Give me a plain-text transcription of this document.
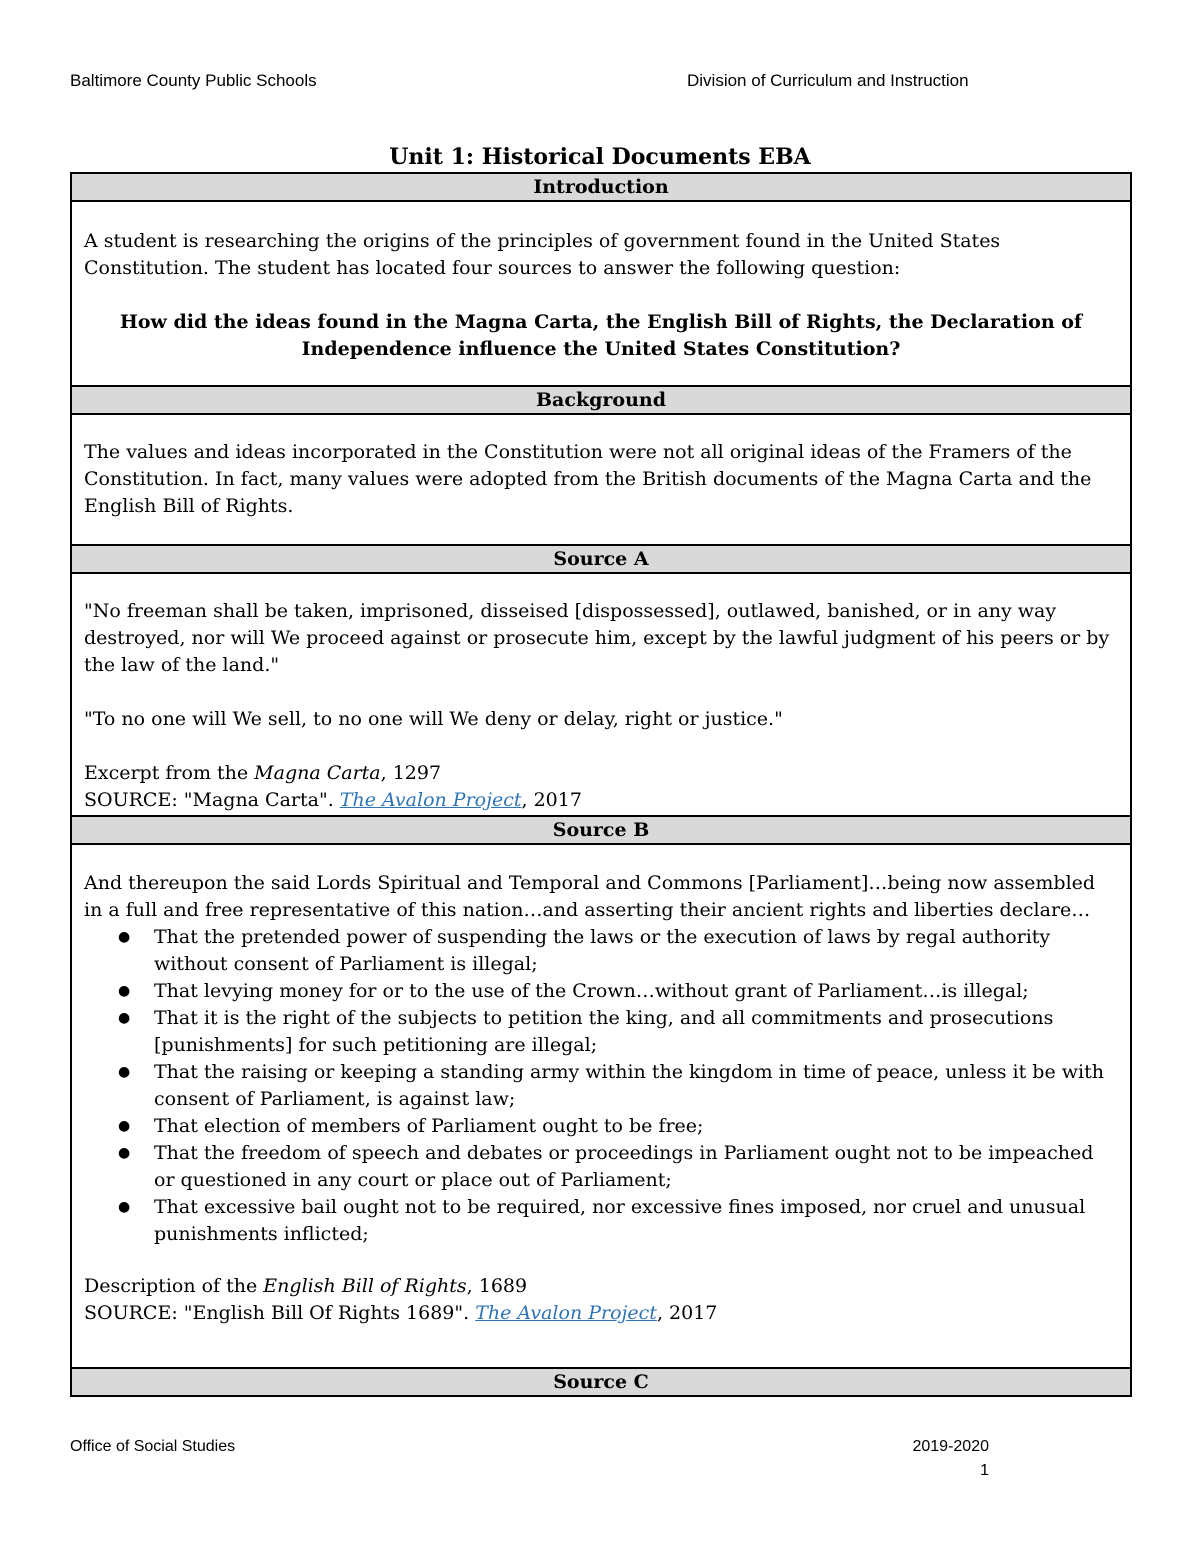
Baltimore County Public Schools	Division of Curriculum and Instruction
Unit 1: Historical Documents EBA
Introduction

A student is researching the origins of the principles of government found in the United States Constitution. The student has located four sources to answer the following question:

How did the ideas found in the Magna Carta, the English Bill of Rights, the Declaration of Independence influence the United States Constitution?

Background

The values and ideas incorporated in the Constitution were not all original ideas of the Framers of the Constitution. In fact, many values were adopted from the British documents of the Magna Carta and the English Bill of Rights.

Source A

"No freeman shall be taken, imprisoned, disseised [dispossessed], outlawed, banished, or in any way destroyed, nor will We proceed against or prosecute him, except by the lawful judgment of his peers or by the law of the land."

"To no one will We sell, to no one will We deny or delay, right or justice."

Excerpt from the Magna Carta, 1297

SOURCE: "Magna Carta". The Avalon Project, 2017

Source B

And thereupon the said Lords Spiritual and Temporal and Commons [Parliament]…being now assembled in a full and free representative of this nation…and asserting their ancient rights and liberties declare…

● That the pretended power of suspending the laws or the execution of laws by regal authority without consent of Parliament is illegal;
● That levying money for or to the use of the Crown…without grant of Parliament…is illegal;
● That it is the right of the subjects to petition the king, and all commitments and prosecutions [punishments] for such petitioning are illegal;
● That the raising or keeping a standing army within the kingdom in time of peace, unless it be with consent of Parliament, is against law;
● That election of members of Parliament ought to be free;
● That the freedom of speech and debates or proceedings in Parliament ought not to be impeached or questioned in any court or place out of Parliament;
● That excessive bail ought not to be required, nor excessive fines imposed, nor cruel and unusual punishments inflicted;

Description of the English Bill of Rights, 1689

SOURCE: "English Bill Of Rights 1689". The Avalon Project, 2017

Source C
Office of Social Studies	2019-2020
1
